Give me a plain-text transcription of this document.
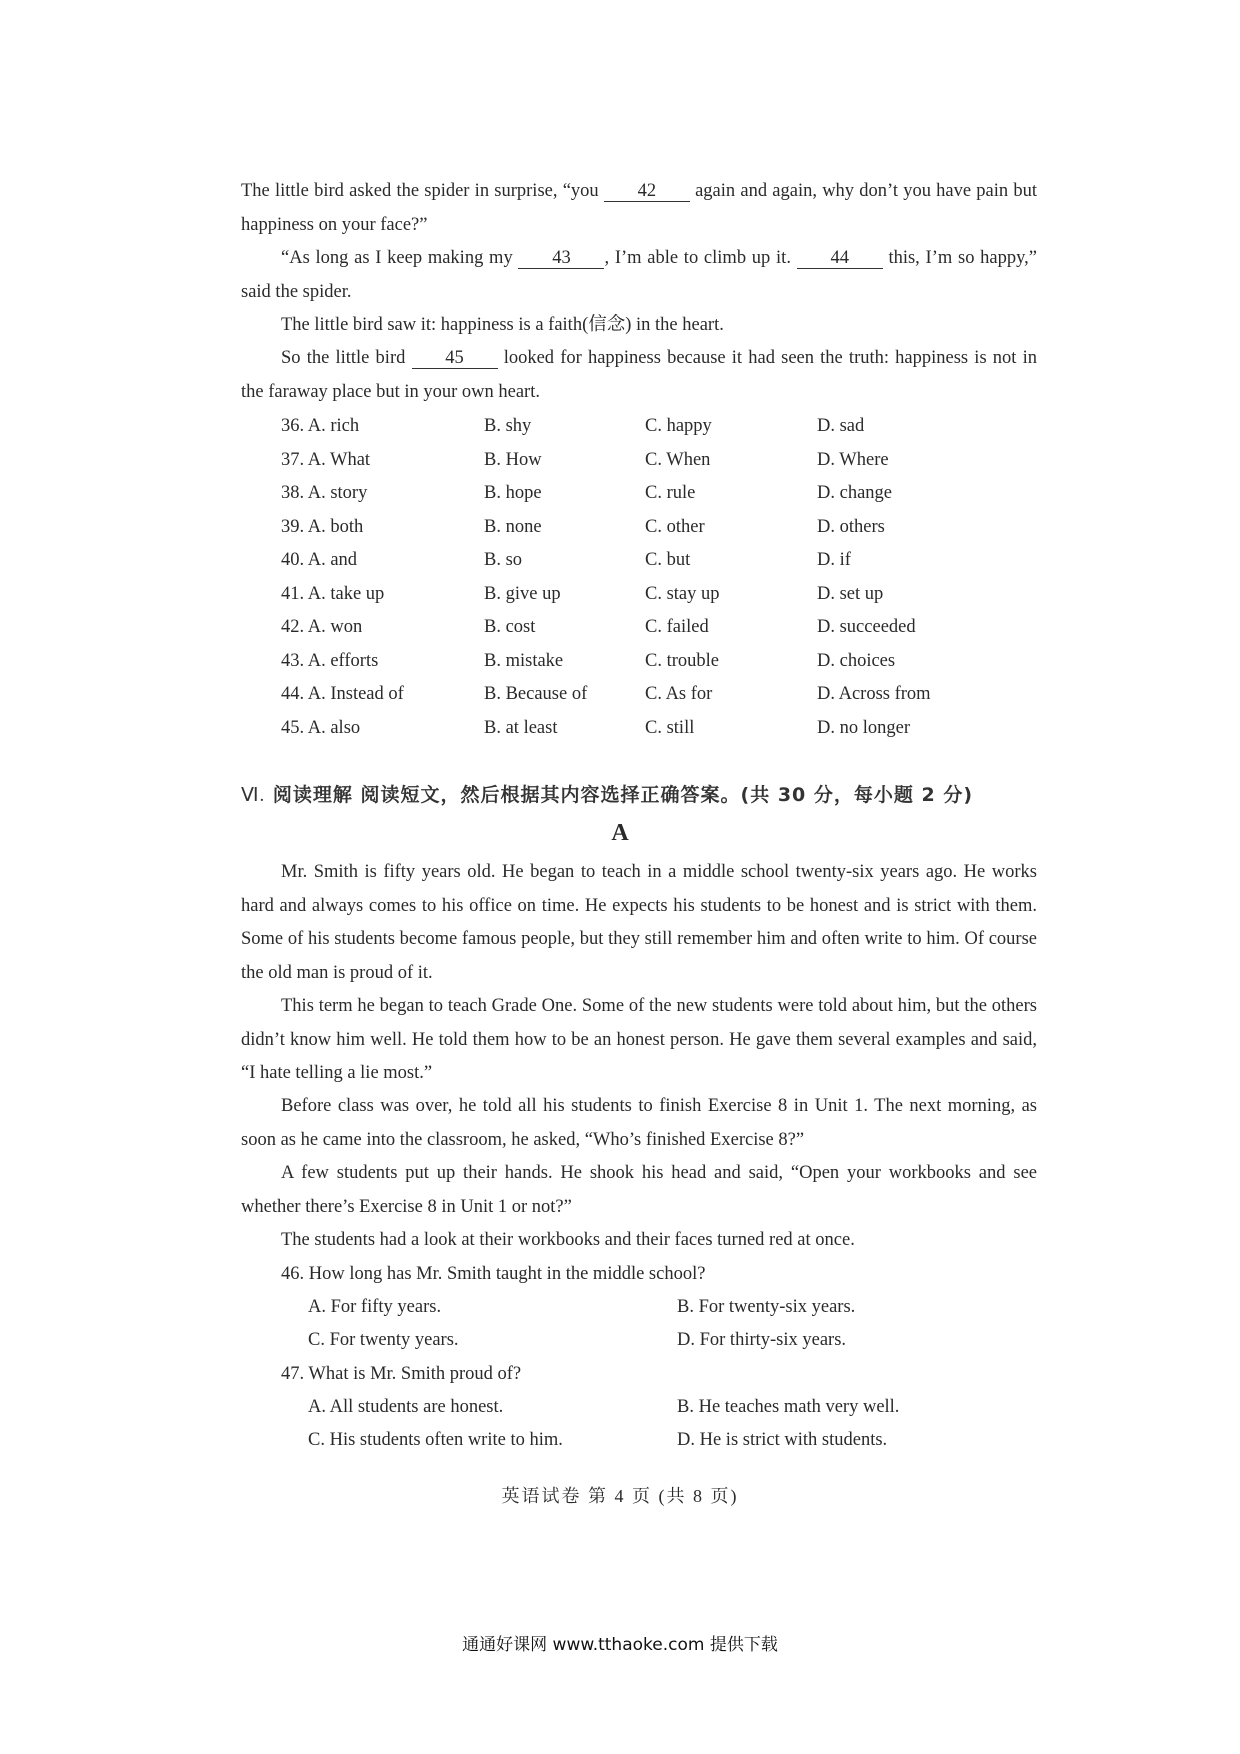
The little bird asked the spider in surprise, “you 42 again and again, why don’t you have pain but happiness on your face?”
“As long as I keep making my 43 , I’m able to climb up it. 44 this, I’m so happy,” said the spider.
The little bird saw it: happiness is a faith(信念) in the heart.
So the little bird 45 looked for happiness because it had seen the truth: happiness is not in the faraway place but in your own heart.
36. A. rich	B. shy	C. happy	D. sad
37. A. What	B. How	C. When	D. Where
38. A. story	B. hope	C. rule	D. change
39. A. both	B. none	C. other	D. others
40. A. and	B. so	C. but	D. if
41. A. take up	B. give up	C. stay up	D. set up
42. A. won	B. cost	C. failed	D. succeeded
43. A. efforts	B. mistake	C. trouble	D. choices
44. A. Instead of	B. Because of	C. As for	D. Across from
45. A. also	B. at least	C. still	D. no longer
Ⅵ. 阅读理解 阅读短文，然后根据其内容选择正确答案。(共 30 分，每小题 2 分)
A
Mr. Smith is fifty years old. He began to teach in a middle school twenty-six years ago. He works hard and always comes to his office on time. He expects his students to be honest and is strict with them. Some of his students become famous people, but they still remember him and often write to him. Of course the old man is proud of it.
This term he began to teach Grade One. Some of the new students were told about him, but the others didn’t know him well. He told them how to be an honest person. He gave them several examples and said, “I hate telling a lie most.”
Before class was over, he told all his students to finish Exercise 8 in Unit 1. The next morning, as soon as he came into the classroom, he asked, “Who’s finished Exercise 8?”
A few students put up their hands. He shook his head and said, “Open your workbooks and see whether there’s Exercise 8 in Unit 1 or not?”
The students had a look at their workbooks and their faces turned red at once.
46. How long has Mr. Smith taught in the middle school?
A. For fifty years.	B. For twenty-six years.
C. For twenty years.	D. For thirty-six years.
47. What is Mr. Smith proud of?
A. All students are honest.	B. He teaches math very well.
C. His students often write to him.	D. He is strict with students.
英语试卷 第 4 页 (共 8 页)
通通好课网 www.tthaoke.com 提供下载
